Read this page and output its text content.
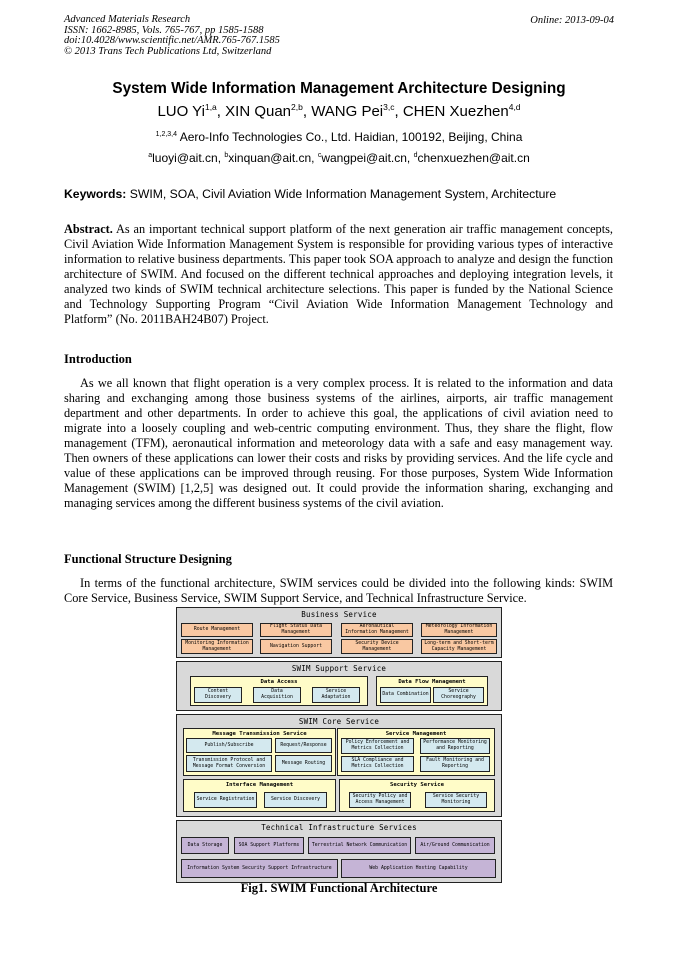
Advanced Materials Research
ISSN: 1662-8985, Vols. 765-767, pp 1585-1588
doi:10.4028/www.scientific.net/AMR.765-767.1585
© 2013 Trans Tech Publications Ltd, Switzerland
Online: 2013-09-04
System Wide Information Management Architecture Designing
LUO Yi$^{1,a}$, XIN Quan$^{2,b}$, WANG Pei$^{3,c}$, CHEN Xuezhen$^{4,d}$
$^{1,2,3,4}$ Aero-Info Technologies Co., Ltd. Haidian, 100192, Beijing, China
$^a$luoyi@ait.cn, $^b$xinquan@ait.cn, $^c$wangpei@ait.cn, $^d$chenxuezhen@ait.cn
Keywords: SWIM, SOA, Civil Aviation Wide Information Management System, Architecture
Abstract. As an important technical support platform of the next generation air traffic management concepts, Civil Aviation Wide Information Management System is responsible for providing various types of interactive information to relative business departments. This paper took SOA approach to analyze and design the function architecture of SWIM. And focused on the different technical approaches and deploying integration levels, it analyzed two kinds of SWIM technical architecture selections. This paper is funded by the National Science and Technology Supporting Program “Civil Aviation Wide Information Management Technology and Platform” (No. 2011BAH24B07) Project.
Introduction
As we all known that flight operation is a very complex process. It is related to the information and data sharing and exchanging among those business systems of the airlines, airports, air traffic management department and other departments. In order to achieve this goal, the applications of civil aviation need to migrate into a loosely coupling and web-centric computing environment. Thus, they share the flight, flow management (TFM), aeronautical information and meteorology data with a safe and easy management way. Then owners of these applications can lower their costs and risks by providing services. And the life cycle and value of these applications can be improved through reusing. For those purposes, System Wide Information Management (SWIM) [1,2,5] was designed out. It could provide the information sharing, exchanging and managing services among the different business systems of the civil aviation.
Functional Structure Designing
In terms of the functional architecture, SWIM services could be divided into the following kinds: SWIM Core Service, Business Service, SWIM Support Service, and Technical Infrastructure Service.
Business Service
Route Management
Flight Status Data Management
Aeronautical Information Management
Meteorology Information Management
Monitoring Information Management
Navigation Support
Security Device Management
Long-term and Short-term Capacity Management
SWIM Support Service
Data Access
Content Discovery
Data Acquisition
Service Adaptation
Data Flow Management
Data Combination
Service Choreography
SWIM Core Service
Message Transmission Service
Publish/Subscribe	Request/Response
Transmission Protocol and Message Format Conversion
Message Routing
Service Management
Policy Enforcement and Metrics Collection
Performance Monitoring and Reporting
SLA Compliance and Metrics Collection
Fault Monitoring and Reporting
Interface Management
Service Registration	Service Discovery
Security Service
Security Policy and Access Management
Service Security Monitoring
Technical Infrastructure Services
Data Storage	SOA Support Platforms	Terrestrial Network Communication	Air/Ground Communication
Information System Security Support Infrastructure	Web Application Hosting Capability
Fig1. SWIM Functional Architecture
